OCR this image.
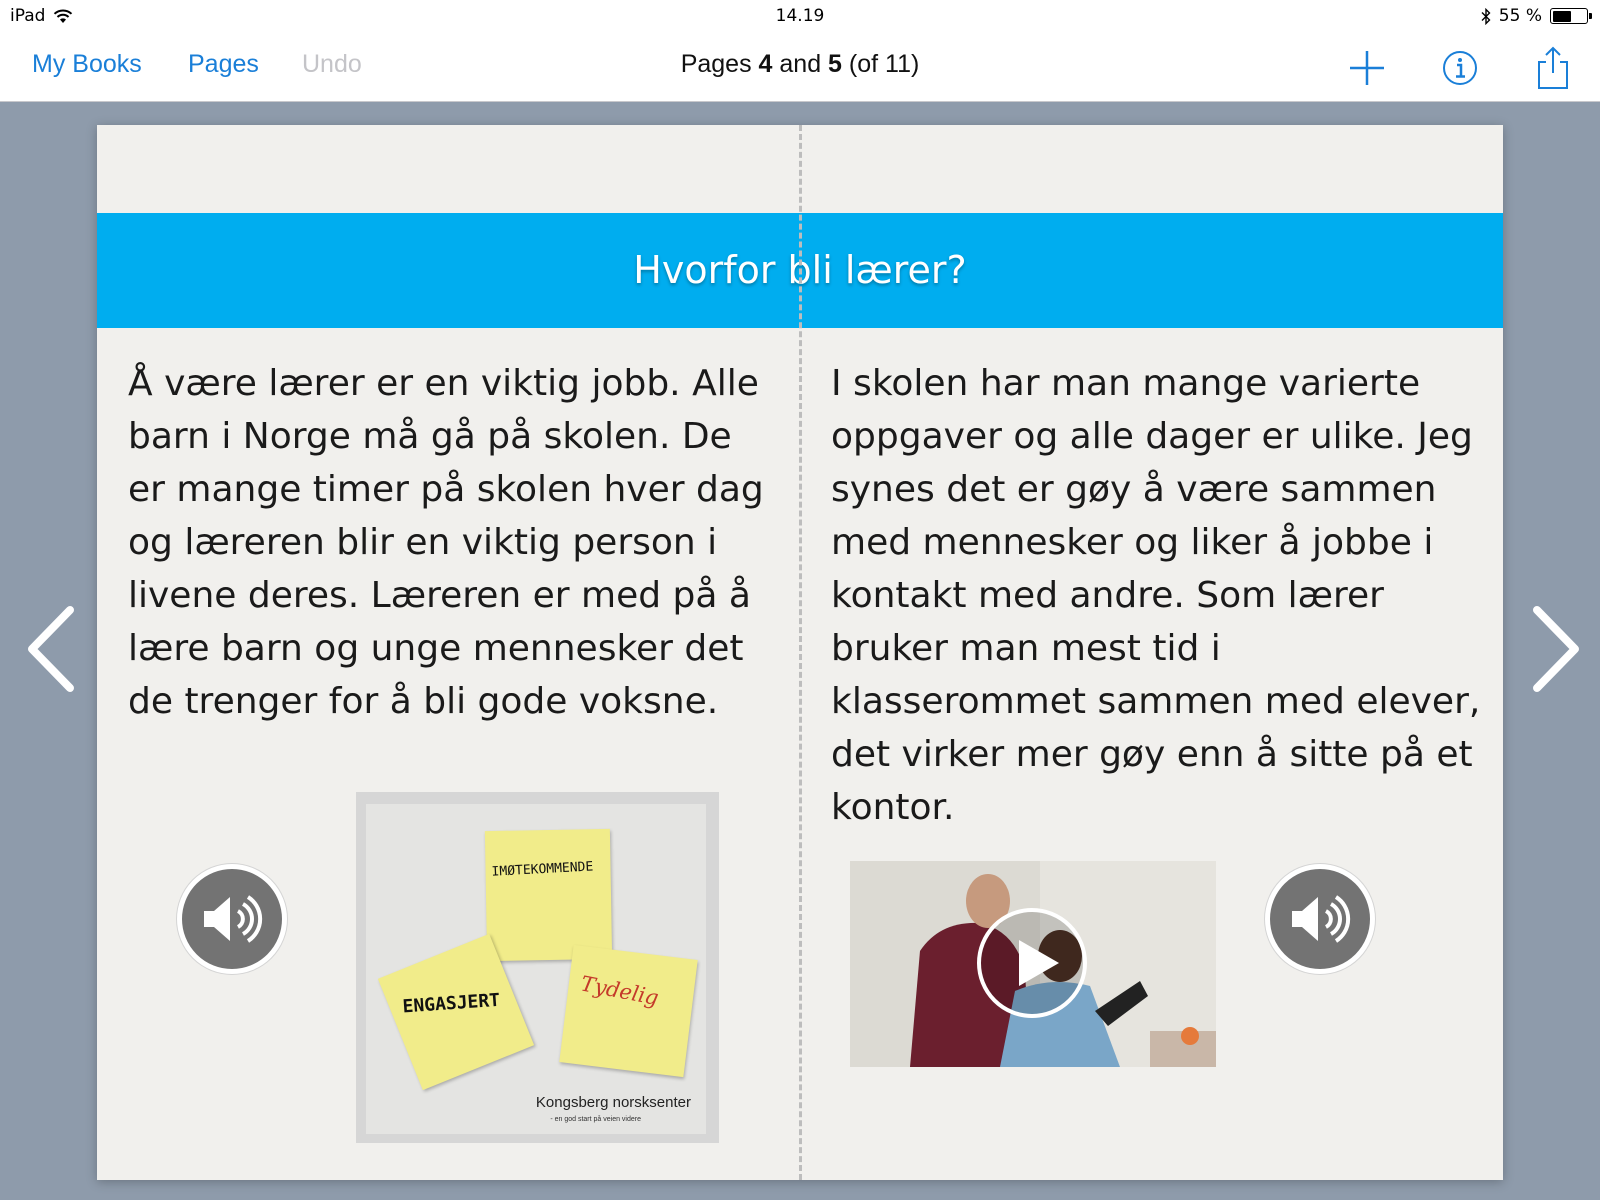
iPad	14.19	55 %
My Books Pages Undo	Pages 4 and 5 (of 11)
Hvorfor bli lærer?
Å være lærer er en viktig jobb. Alle barn i Norge må gå på skolen. De er mange timer på skolen hver dag og læreren blir en viktig person i livene deres. Læreren er med på å lære barn og unge mennesker det de trenger for å bli gode voksne.
I skolen har man mange varierte oppgaver og alle dager er ulike. Jeg synes det er gøy å være sammen med mennesker og liker å jobbe i kontakt med andre. Som lærer bruker man mest tid i klasserommet sammen med elever, det virker mer gøy enn å sitte på et kontor.
IMØTEKOMMENDE
ENGASJERT	Tydelig
Kongsberg norsksenter
- en god start på veien videre
